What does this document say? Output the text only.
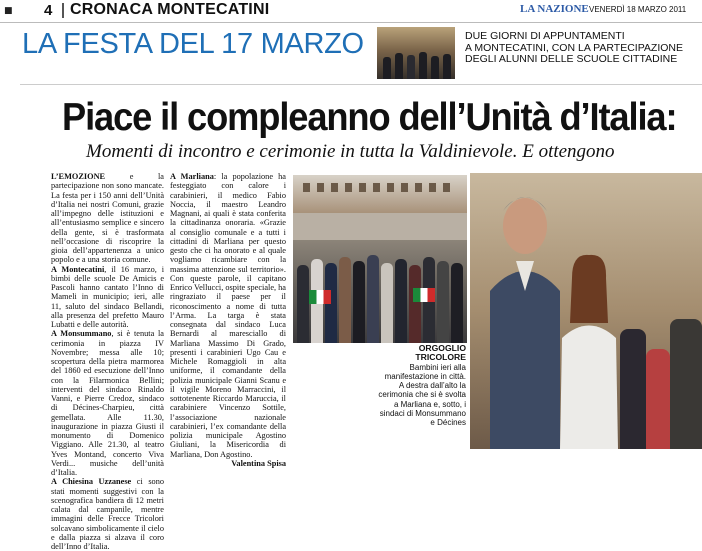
■ 4 CRONACA MONTECATINI	LA NAZIONE VENERDÌ 18 MARZO 2011
LA FESTA DEL 17 MARZO	DUE GIORNI DI APPUNTAMENTI
A MONTECATINI, CON LA PARTECIPAZIONE
DEGLI ALUNNI DELLE SCUOLE CITTADINE
Piace il compleanno dell’Unità d’Italia:
Momenti di incontro e cerimonie in tutta la Valdinievole. E ottengono

L’EMOZIONE e la partecipazione non sono mancate. La festa per i 150 anni dell’Unità d’Italia nei nostri Comuni, grazie all’impegno delle istituzioni e all’entusiasmo semplice e sincero della gente, si è trasformata nell’occasione di riscoprire la gioia dell’appartenenza a unico popolo e a una storia comune.

A Montecatini, il 16 marzo, i bimbi delle scuole De Amicis e Pascoli hanno cantato l’Inno di Mameli in municipio; ieri, alle 11, saluto del sindaco Bellandi, alla presenza del prefetto Mauro Lubatti e delle autorità.

A Monsummano, si è tenuta la cerimonia in piazza IV Novembre; messa alle 10; scopertura della pietra marmorea del 1860 ed esecuzione dell’Inno con la Filarmonica Bellini; interventi del sindaco Rinaldo Vanni, e Pierre Credoz, sindaco di Décines-Charpieu, città gemellata. Alle 11.30, inaugurazione in piazza Giusti il monumento di Domenico Viggiano. Alle 21.30, al teatro Yves Montand, concerto Viva Verdi... musiche dell’unità d’Italia.

A Chiesina Uzzanese ci sono stati momenti suggestivi con la scenografica bandiera di 12 metri calata dal campanile, mentre immagini delle Frecce Tricolori solcavano simbolicamente il cielo e dalla piazza si alzava il coro dell’Inno d’Italia.

A Marliana: la popolazione ha festeggiato con calore i carabinieri, il medico Fabio Noccia, il maestro Leandro Magnani, ai quali è stata conferita la cittadinanza onoraria. «Grazie al consiglio comunale e a tutti i cittadini di Marliana per questo gesto che ci ha onorato e al quale vogliamo ricambiare con la massima attenzione sul territorio». Con queste parole, il capitano Enrico Vellucci, ospite speciale, ha ringraziato il paese per il riconoscimento a nome di tutta l’Arma. La targa è stata consegnata dal sindaco Luca Bernardi al maresciallo di Marliana Massimo Di Grado, presenti i carabinieri Ugo Cau e Michele Romaggioli in alta uniforme, il comandante della polizia municipale Gianni Scanu e il vigile Moreno Marraccini, il sottotenente Riccardo Maruccia, il carabiniere Vincenzo Sottile, l’associazione nazionale carabinieri, l’ex comandante della polizia municipale Agostino Giuliani, la Misericordia di Marliana, Don Agostino.

Valentina Spisa

ORGOGLIO TRICOLORE
Bambini ieri alla manifestazione in città. A destra dall’alto la cerimonia che si è svolta a Marliana e, sotto, i sindaci di Monsummano e Décines
